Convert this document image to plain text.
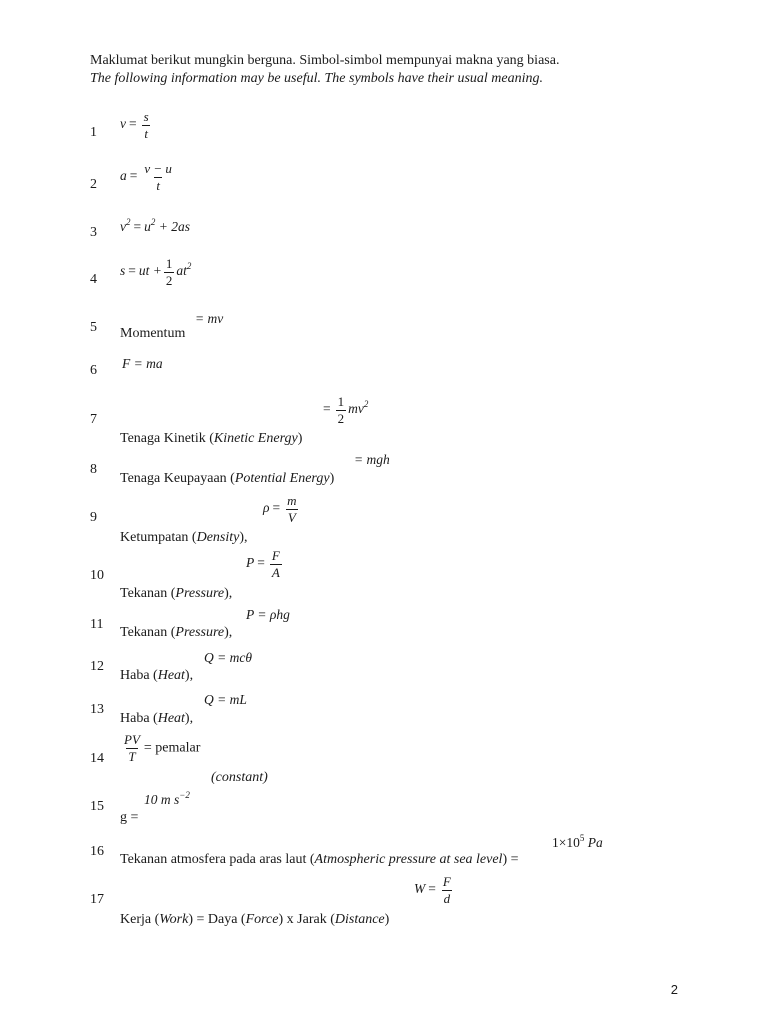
Maklumat berikut mungkin berguna. Simbol-simbol mempunyai makna yang biasa.
The following information may be useful. The symbols have their usual meaning.
1
$v = \frac{s}{t}$
2
$a = \frac{v - u}{t}$
3 $v^2 = u^2 + 2as$
4
s = ut + $\frac{1}{2} at^2$
5
= mv
Momentum
6 F = ma
7
= $\frac{1}{2} mv^2$
Tenaga Kinetik (Kinetic Energy)
8
= mgh
Tenaga Keupayaan (Potential Energy)
9
$\rho = \frac{m}{V}$
Ketumpatan (Density),
10
$P = \frac{F}{A}$
Tekanan (Pressure),
11
P = ρhg
Tekanan (Pressure),
12
Q = mcθ
Haba (Heat),
13
Q = mL
Haba (Heat),
$14 \frac{PV}{T}$ = pemalar
(constant)
15	10 m $s^{-2}$
g =
16
$1\times 10^5$ Pa
Tekanan atmosfera pada aras laut (Atmospheric pressure at sea level) =
17
$W = \frac{F}{d}$
Kerja (Work) = Daya (Force) x Jarak (Distance)
2
